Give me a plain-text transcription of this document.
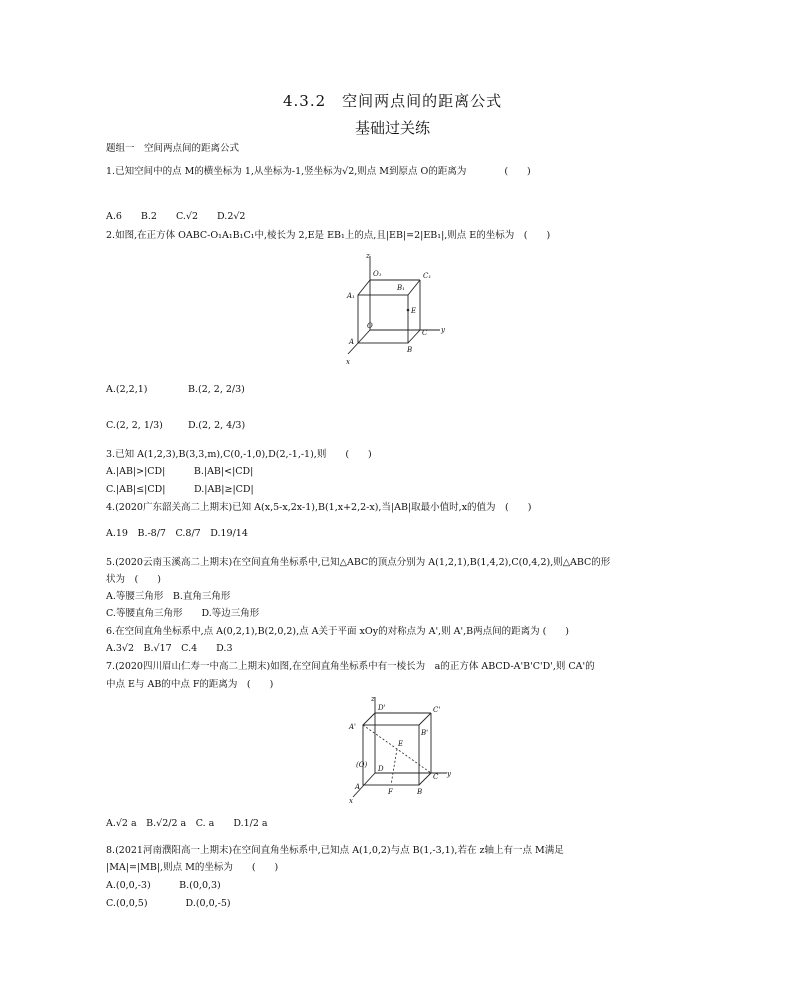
4.3.2　空间两点间的距离公式
基础过关练
题组一　空间两点间的距离公式
1.已知空间中的点 M的横坐标为 1,从坐标为-1,竖坐标为√2,则点 M到原点 O的距离为　　　　(　　)
A.6　　B.2　　C.√2　　D.2√2
2.如图,在正方体 OABC-O₁A₁B₁C₁中,棱长为 2,E是 EB₁上的点,且|EB|=2|EB₁|,则点 E的坐标为　(　　)
z
O₁	C₁
A₁
B₁
E
O
C y
A
B
x
A.(2,2,1)	B.(2, 2, 2/3)
C.(2, 2, 1/3)	D.(2, 2, 4/3)
3.已知 A(1,2,3),B(3,3,m),C(0,-1,0),D(2,-1,-1),则　　(　　)
A.|AB|>|CD|　　　B.|AB|<|CD|
C.|AB|≤|CD|　　　D.|AB|≥|CD|
4.(2020广东韶关高二上期末)已知 A(x,5-x,2x-1),B(1,x+2,2-x),当|AB|取最小值时,x的值为　(　　)
A.19　B.-8/7　C.8/7　D.19/14
5.(2020云南玉溪高二上期末)在空间直角坐标系中,已知△ABC的顶点分别为 A(1,2,1),B(1,4,2),C(0,4,2),则△ABC的形
状为　(　　)
A.等腰三角形　B.直角三角形
C.等腰直角三角形　　D.等边三角形
6.在空间直角坐标系中,点 A(0,2,1),B(2,0,2),点 A关于平面 xOy的对称点为 A',则 A',B两点间的距离为 (　　)
A.3√2　B.√17　C.4　　D.3
7.(2020四川眉山仁寿一中高二上期末)如图,在空间直角坐标系中有一棱长为　a的正方体 ABCD-A'B'C'D',则 CA'的
中点 E与 AB的中点 F的距离为　(　　)
z
D'	C'
A'
B'
E
(O) D
C y
A
F	B
x
A.√2 a　B.√2/2 a　C. a　　D.1/2 a
8.(2021河南濮阳高一上期末)在空间直角坐标系中,已知点 A(1,0,2)与点 B(1,-3,1),若在 z轴上有一点 M满足
|MA|=|MB|,则点 M的坐标为　　(　　)
A.(0,0,-3)　　　B.(0,0,3)
C.(0,0,5)　　　　D.(0,0,-5)
